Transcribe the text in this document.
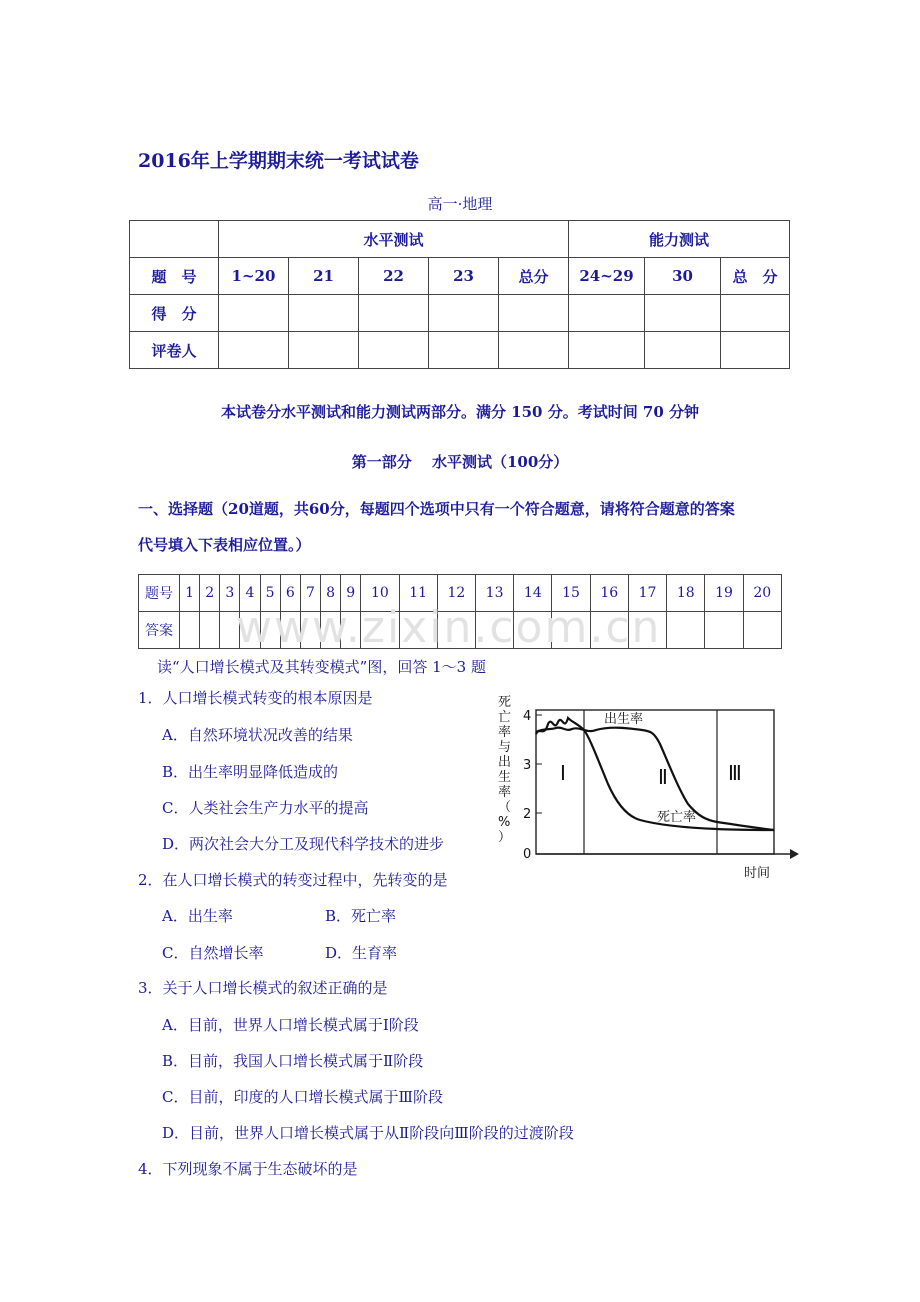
2016年上学期期末统一考试试卷
高一·地理
	水平测试					能力测试		
题　号	1~20	21	22	23	总分	24~29	30	总　分
得　分								
评卷人								
本试卷分水平测试和能力测试两部分。满分 150 分。考试时间 70 分钟
第一部分　 水平测试（100分）
一、选择题（20道题，共60分，每题四个选项中只有一个符合题意，请将符合题意的答案
代号填入下表相应位置。）
题号	1	2	3	4	5	6	7	8	9	10	11	12	13	14	15	16	17	18	19	20
答案																				www.zixin.com.cn
读“人口增长模式及其转变模式”图，回答 1～3 题
1．人口增长模式转变的根本原因是
A．自然环境状况改善的结果
B．出生率明显降低造成的
C．人类社会生产力水平的提高
D．两次社会大分工及现代科学技术的进步
2．在人口增长模式的转变过程中，先转变的是
A．出生率	B．死亡率
C．自然增长率	D．生育率
3．关于人口增长模式的叙述正确的是
A．目前，世界人口增长模式属于Ⅰ阶段
B．目前，我国人口增长模式属于Ⅱ阶段
C．目前，印度的人口增长模式属于Ⅲ阶段
D．目前，世界人口增长模式属于从Ⅱ阶段向Ⅲ阶段的过渡阶段
4．下列现象不属于生态破坏的是
4
3
2
0
Ⅰ	Ⅱ	Ⅲ
出生率
死亡率
时间
死
亡
率
与
出
生
率
（
%
）
